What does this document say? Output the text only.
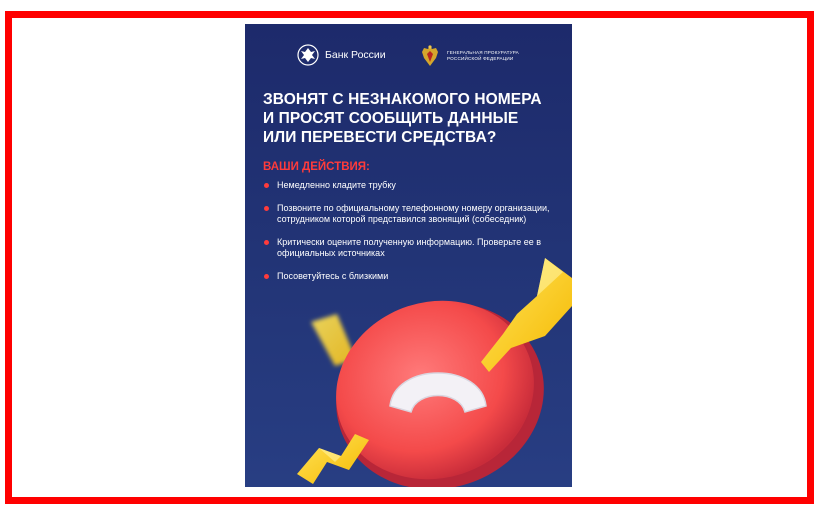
Банк России	ГЕНЕРАЛЬНАЯ ПРОКУРАТУРА РОССИЙСКОЙ ФЕДЕРАЦИИ
ЗВОНЯТ С НЕЗНАКОМОГО НОМЕРА
И ПРОСЯТ СООБЩИТЬ ДАННЫЕ
ИЛИ ПЕРЕВЕСТИ СРЕДСТВА?
ВАШИ ДЕЙСТВИЯ:
Немедленно кладите трубку
Позвоните по официальному телефонному номеру организации, сотрудником которой представился звонящий (собеседник)
Критически оцените полученную информацию. Проверьте ее в официальных источниках
Посоветуйтесь с близкими
